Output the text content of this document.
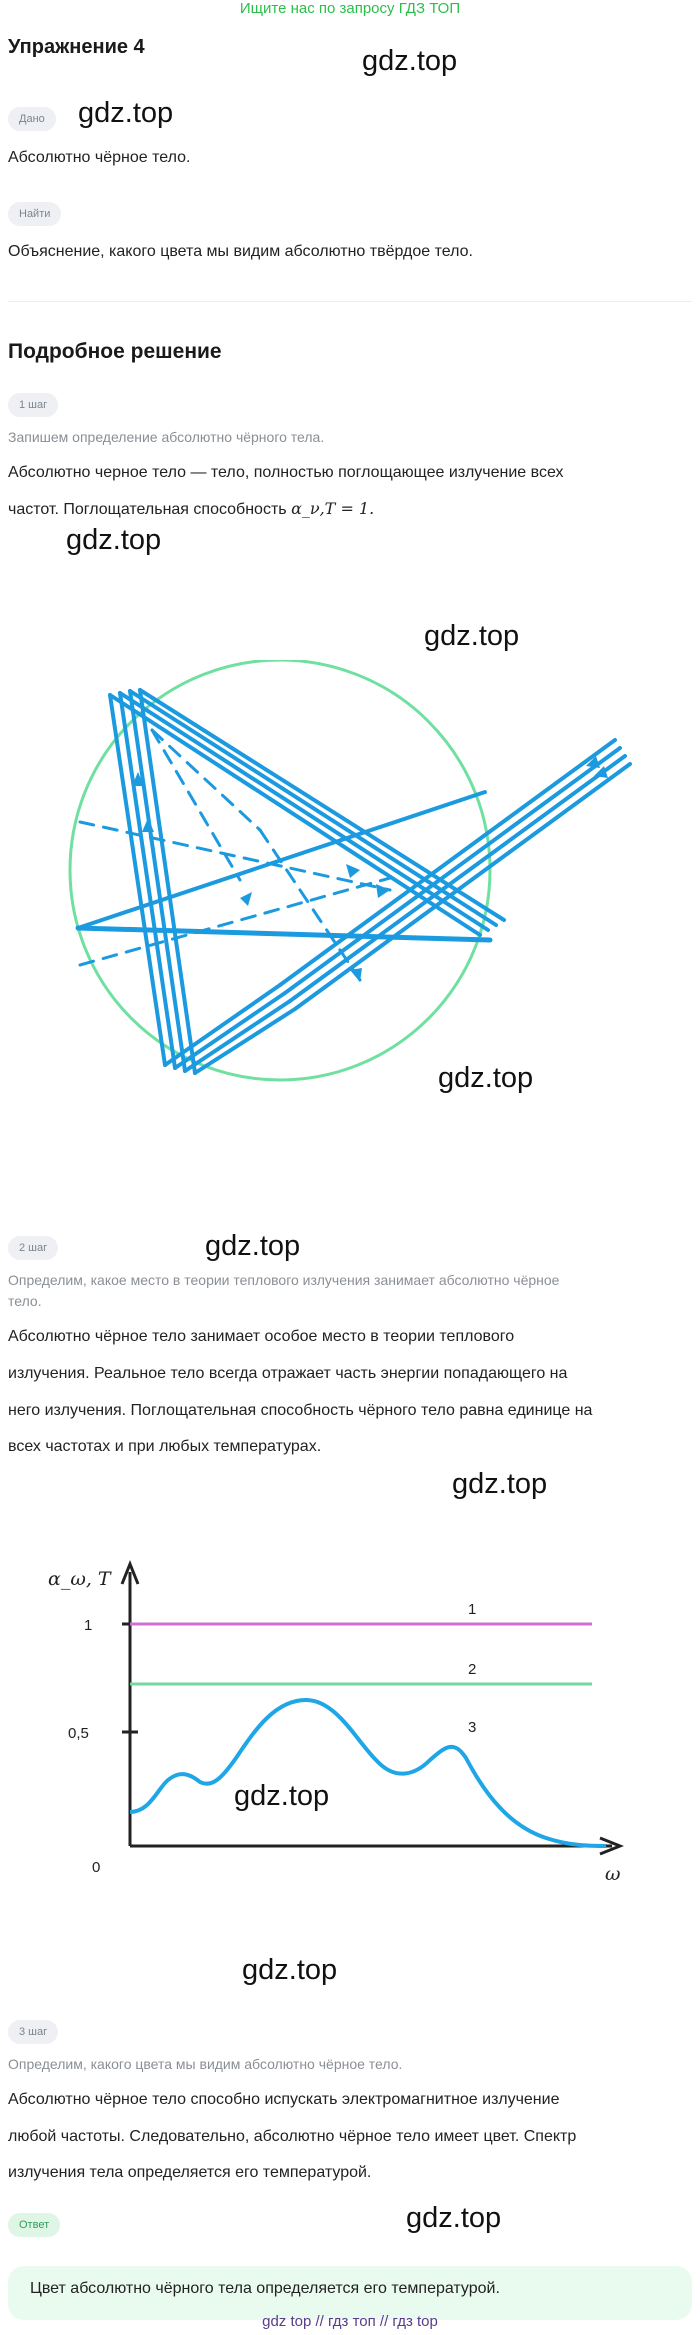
Ищите нас по запросу ГДЗ ТОП
Упражнение 4	gdz.top
Дано	gdz.top
Абсолютно чёрное тело.
Найти
Объяснение, какого цвета мы видим абсолютно твёрдое тело.
Подробное решение
1 шаг
Запишем определение абсолютно чёрного тела.
Абсолютно черное тело — тело, полностью поглощающее излучение всех
частот. Поглощательная способность α_ν,T = 1.
gdz.top
gdz.top
gdz.top
2 шаг	gdz.top
Определим, какое место в теории теплового излучения занимает абсолютно чёрное
тело.
Абсолютно чёрное тело занимает особое место в теории теплового
излучения. Реальное тело всегда отражает часть энергии попадающего на
него излучения. Поглощательная способность чёрного тело равна единице на
всех частотах и при любых температурах.
gdz.top
α_ω, T
1
0,5
0	ω
1
2
3
gdz.top
gdz.top
3 шаг
Определим, какого цвета мы видим абсолютно чёрное тело.
Абсолютно чёрное тело способно испускать электромагнитное излучение
любой частоты. Следовательно, абсолютно чёрное тело имеет цвет. Спектр
излучения тела определяется его температурой.
Ответ	gdz.top
Цвет абсолютно чёрного тела определяется его температурой.
gdz top // гдз топ // гдз top
